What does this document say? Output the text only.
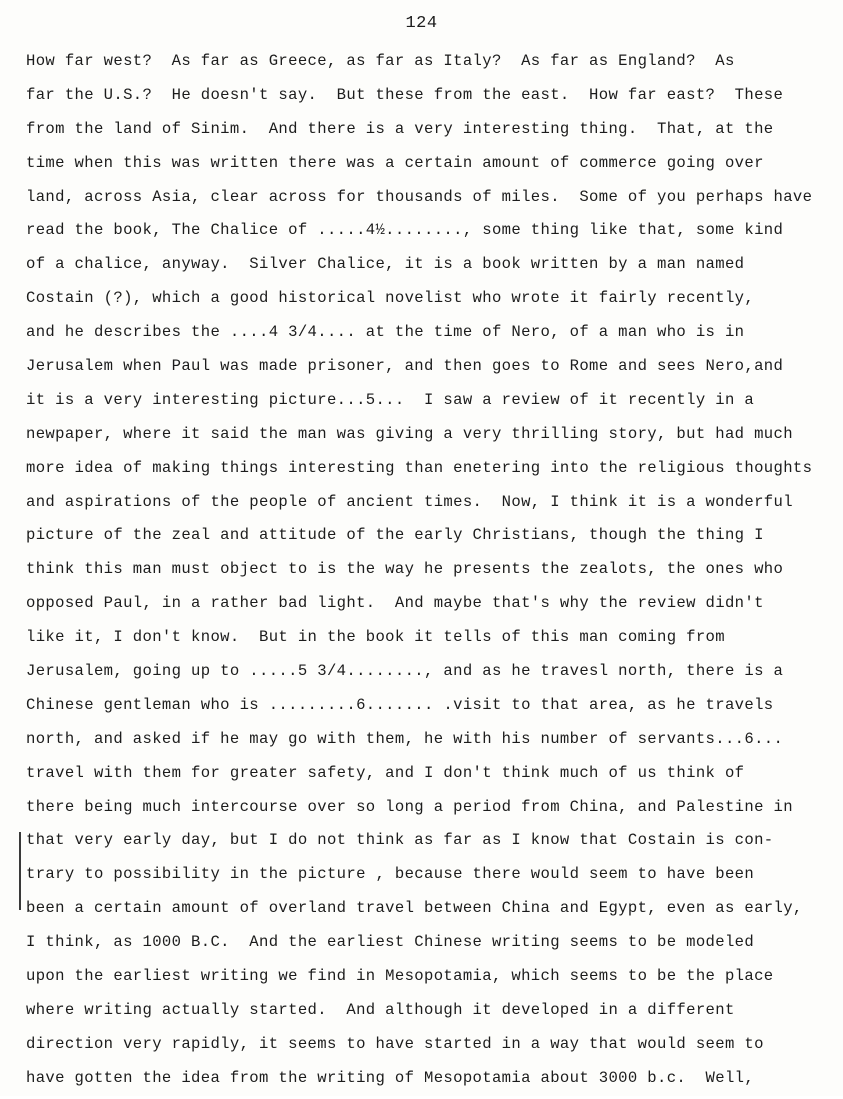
124
How far west?  As far as Greece, as far as Italy?  As far as England?  As
far the U.S.?  He doesn't say.  But these from the east.  How far east?  These
from the land of Sinim.  And there is a very interesting thing.  That, at the
time when this was written there was a certain amount of commerce going over
land, across Asia, clear across for thousands of miles.  Some of you perhaps have
read the book, The Chalice of .....4½........, some thing like that, some kind
of a chalice, anyway.  Silver Chalice, it is a book written by a man named
Costain (?), which a good historical novelist who wrote it fairly recently,
and he describes the ....4 3/4.... at the time of Nero, of a man who is in
Jerusalem when Paul was made prisoner, and then goes to Rome and sees Nero,and
it is a very interesting picture...5...  I saw a review of it recently in a
newpaper, where it said the man was giving a very thrilling story, but had much
more idea of making things interesting than enetering into the religious thoughts
and aspirations of the people of ancient times.  Now, I think it is a wonderful
picture of the zeal and attitude of the early Christians, though the thing I
think this man must object to is the way he presents the zealots, the ones who
opposed Paul, in a rather bad light.  And maybe that's why the review didn't
like it, I don't know.  But in the book it tells of this man coming from
Jerusalem, going up to .....5 3/4........, and as he travesl north, there is a
Chinese gentleman who is .........6....... .visit to that area, as he travels
north, and asked if he may go with them, he with his number of servants...6...
travel with them for greater safety, and I don't think much of us think of
there being much intercourse over so long a period from China, and Palestine in
that very early day, but I do not think as far as I know that Costain is con-
trary to possibility in the picture , because there would seem to have been
been a certain amount of overland travel between China and Egypt, even as early,
I think, as 1000 B.C.  And the earliest Chinese writing seems to be modeled
upon the earliest writing we find in Mesopotamia, which seems to be the place
where writing actually started.  And although it developed in a different
direction very rapidly, it seems to have started in a way that would seem to
have gotten the idea from the writing of Mesopotamia about 3000 b.c.  Well,
